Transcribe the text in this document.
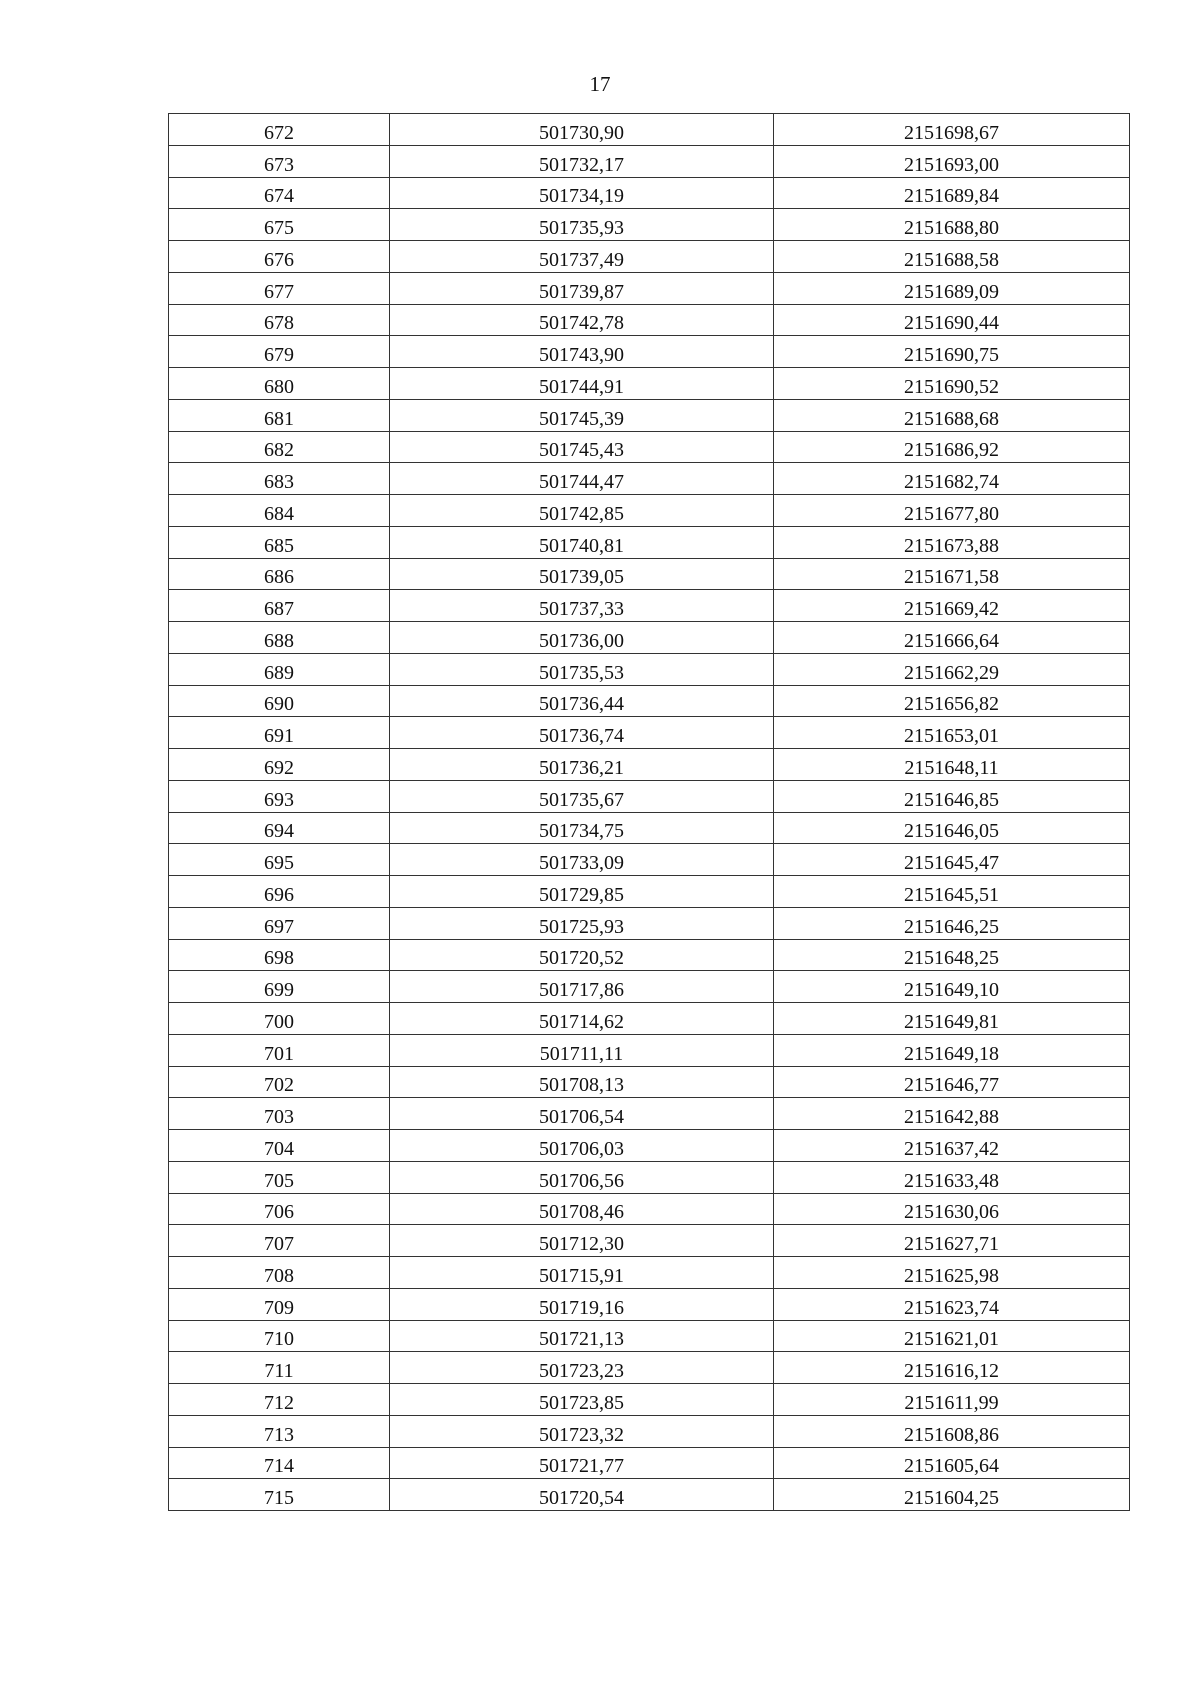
17
672	501730,90	2151698,67
673	501732,17	2151693,00
674	501734,19	2151689,84
675	501735,93	2151688,80
676	501737,49	2151688,58
677	501739,87	2151689,09
678	501742,78	2151690,44
679	501743,90	2151690,75
680	501744,91	2151690,52
681	501745,39	2151688,68
682	501745,43	2151686,92
683	501744,47	2151682,74
684	501742,85	2151677,80
685	501740,81	2151673,88
686	501739,05	2151671,58
687	501737,33	2151669,42
688	501736,00	2151666,64
689	501735,53	2151662,29
690	501736,44	2151656,82
691	501736,74	2151653,01
692	501736,21	2151648,11
693	501735,67	2151646,85
694	501734,75	2151646,05
695	501733,09	2151645,47
696	501729,85	2151645,51
697	501725,93	2151646,25
698	501720,52	2151648,25
699	501717,86	2151649,10
700	501714,62	2151649,81
701	501711,11	2151649,18
702	501708,13	2151646,77
703	501706,54	2151642,88
704	501706,03	2151637,42
705	501706,56	2151633,48
706	501708,46	2151630,06
707	501712,30	2151627,71
708	501715,91	2151625,98
709	501719,16	2151623,74
710	501721,13	2151621,01
711	501723,23	2151616,12
712	501723,85	2151611,99
713	501723,32	2151608,86
714	501721,77	2151605,64
715	501720,54	2151604,25
